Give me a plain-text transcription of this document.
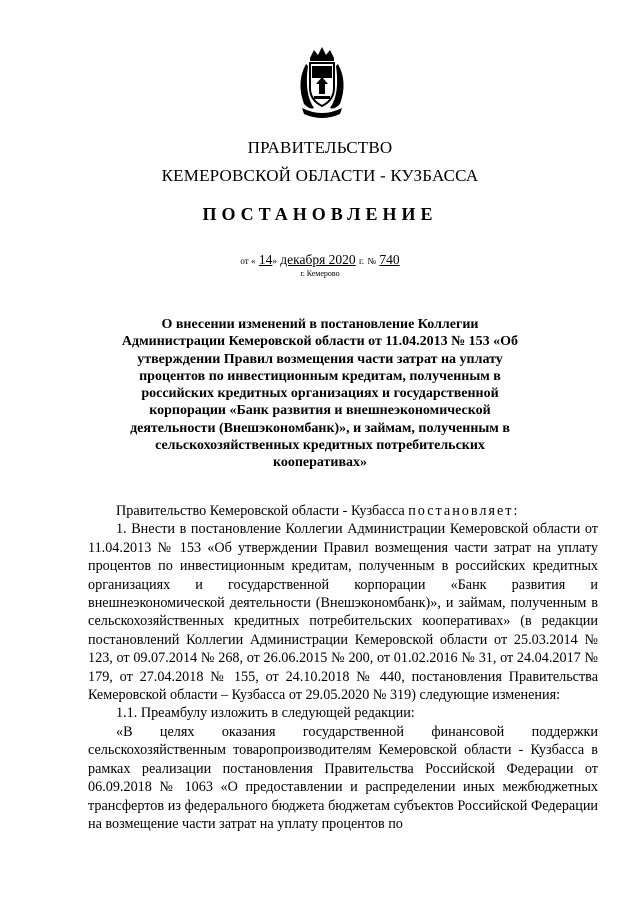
ПРАВИТЕЛЬСТВО
КЕМЕРОВСКОЙ ОБЛАСТИ - КУЗБАССА
ПОСТАНОВЛЕНИЕ
от « 14» декабря 2020 г. № 740
г. Кемерово
О внесении изменений в постановление Коллегии Администрации Кемеровской области от 11.04.2013 № 153 «Об утверждении Правил возмещения части затрат на уплату процентов по инвестиционным кредитам, полученным в российских кредитных организациях и государственной корпорации «Банк развития и внешнеэкономической деятельности (Внешэкономбанк)», и займам, полученным в сельскохозяйственных кредитных потребительских кооперативах»

Правительство Кемеровской области - Кузбасса постановляет:

1. Внести в постановление Коллегии Администрации Кемеровской области от 11.04.2013 № 153 «Об утверждении Правил возмещения части затрат на уплату процентов по инвестиционным кредитам, полученным в российских кредитных организациях и государственной корпорации «Банк развития и внешнеэкономической деятельности (Внешэкономбанк)», и займам, полученным в сельскохозяйственных кредитных потребительских кооперативах» (в редакции постановлений Коллегии Администрации Кемеровской области от 25.03.2014 № 123, от 09.07.2014 № 268, от 26.06.2015 № 200, от 01.02.2016 № 31, от 24.04.2017 № 179, от 27.04.2018 № 155, от 24.10.2018 № 440, постановления Правительства Кемеровской области – Кузбасса от 29.05.2020 № 319) следующие изменения:

1.1. Преамбулу изложить в следующей редакции:

«В целях оказания государственной финансовой поддержки сельскохозяйственным товаропроизводителям Кемеровской области - Кузбасса в рамках реализации постановления Правительства Российской Федерации от 06.09.2018 № 1063 «О предоставлении и распределении иных межбюджетных трансфертов из федерального бюджета бюджетам субъектов Российской Федерации на возмещение части затрат на уплату процентов по
